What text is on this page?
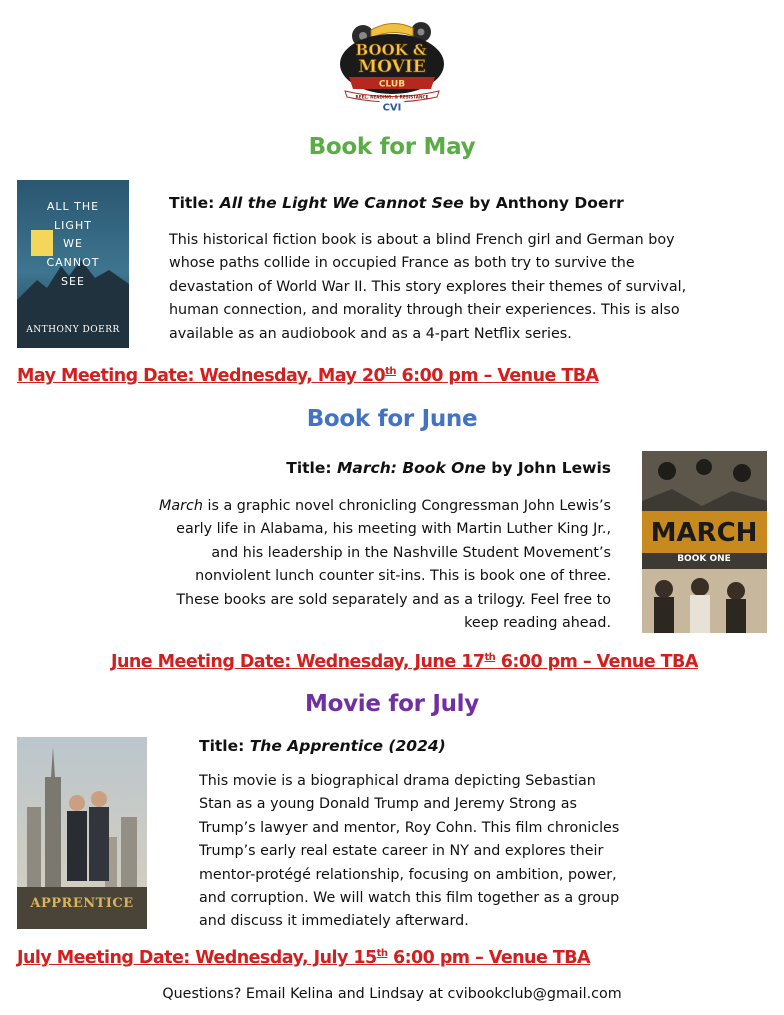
BOOK &
MOVIE
CLUB
REEL, READING, & RESISTANCE
CVI
Book for May
ALL THE
LIGHT
WE
CANNOT
SEE
ANTHONY DOERR
Title: All the Light We Cannot See by Anthony Doerr
This historical fiction book is about a blind French girl and German boy
whose paths collide in occupied France as both try to survive the
devastation of World War II. This story explores their themes of survival,
human connection, and morality through their experiences. This is also
available as an audiobook and as a 4-part Netflix series.
May Meeting Date: Wednesday, May 20th 6:00 pm – Venue TBA
Book for June
Title: March: Book One by John Lewis
March is a graphic novel chronicling Congressman John Lewis’s
early life in Alabama, his meeting with Martin Luther King Jr.,
and his leadership in the Nashville Student Movement’s
nonviolent lunch counter sit-ins. This is book one of three.
These books are sold separately and as a trilogy. Feel free to
keep reading ahead.
MARCH
BOOK ONE
June Meeting Date: Wednesday, June 17th 6:00 pm – Venue TBA
Movie for July
APPRENTICE
Title: The Apprentice (2024)
This movie is a biographical drama depicting Sebastian
Stan as a young Donald Trump and Jeremy Strong as
Trump’s lawyer and mentor, Roy Cohn. This film chronicles
Trump’s early real estate career in NY and explores their
mentor-protégé relationship, focusing on ambition, power,
and corruption. We will watch this film together as a group
and discuss it immediately afterward.
July Meeting Date: Wednesday, July 15th 6:00 pm – Venue TBA
Questions? Email Kelina and Lindsay at cvibookclub@gmail.com
